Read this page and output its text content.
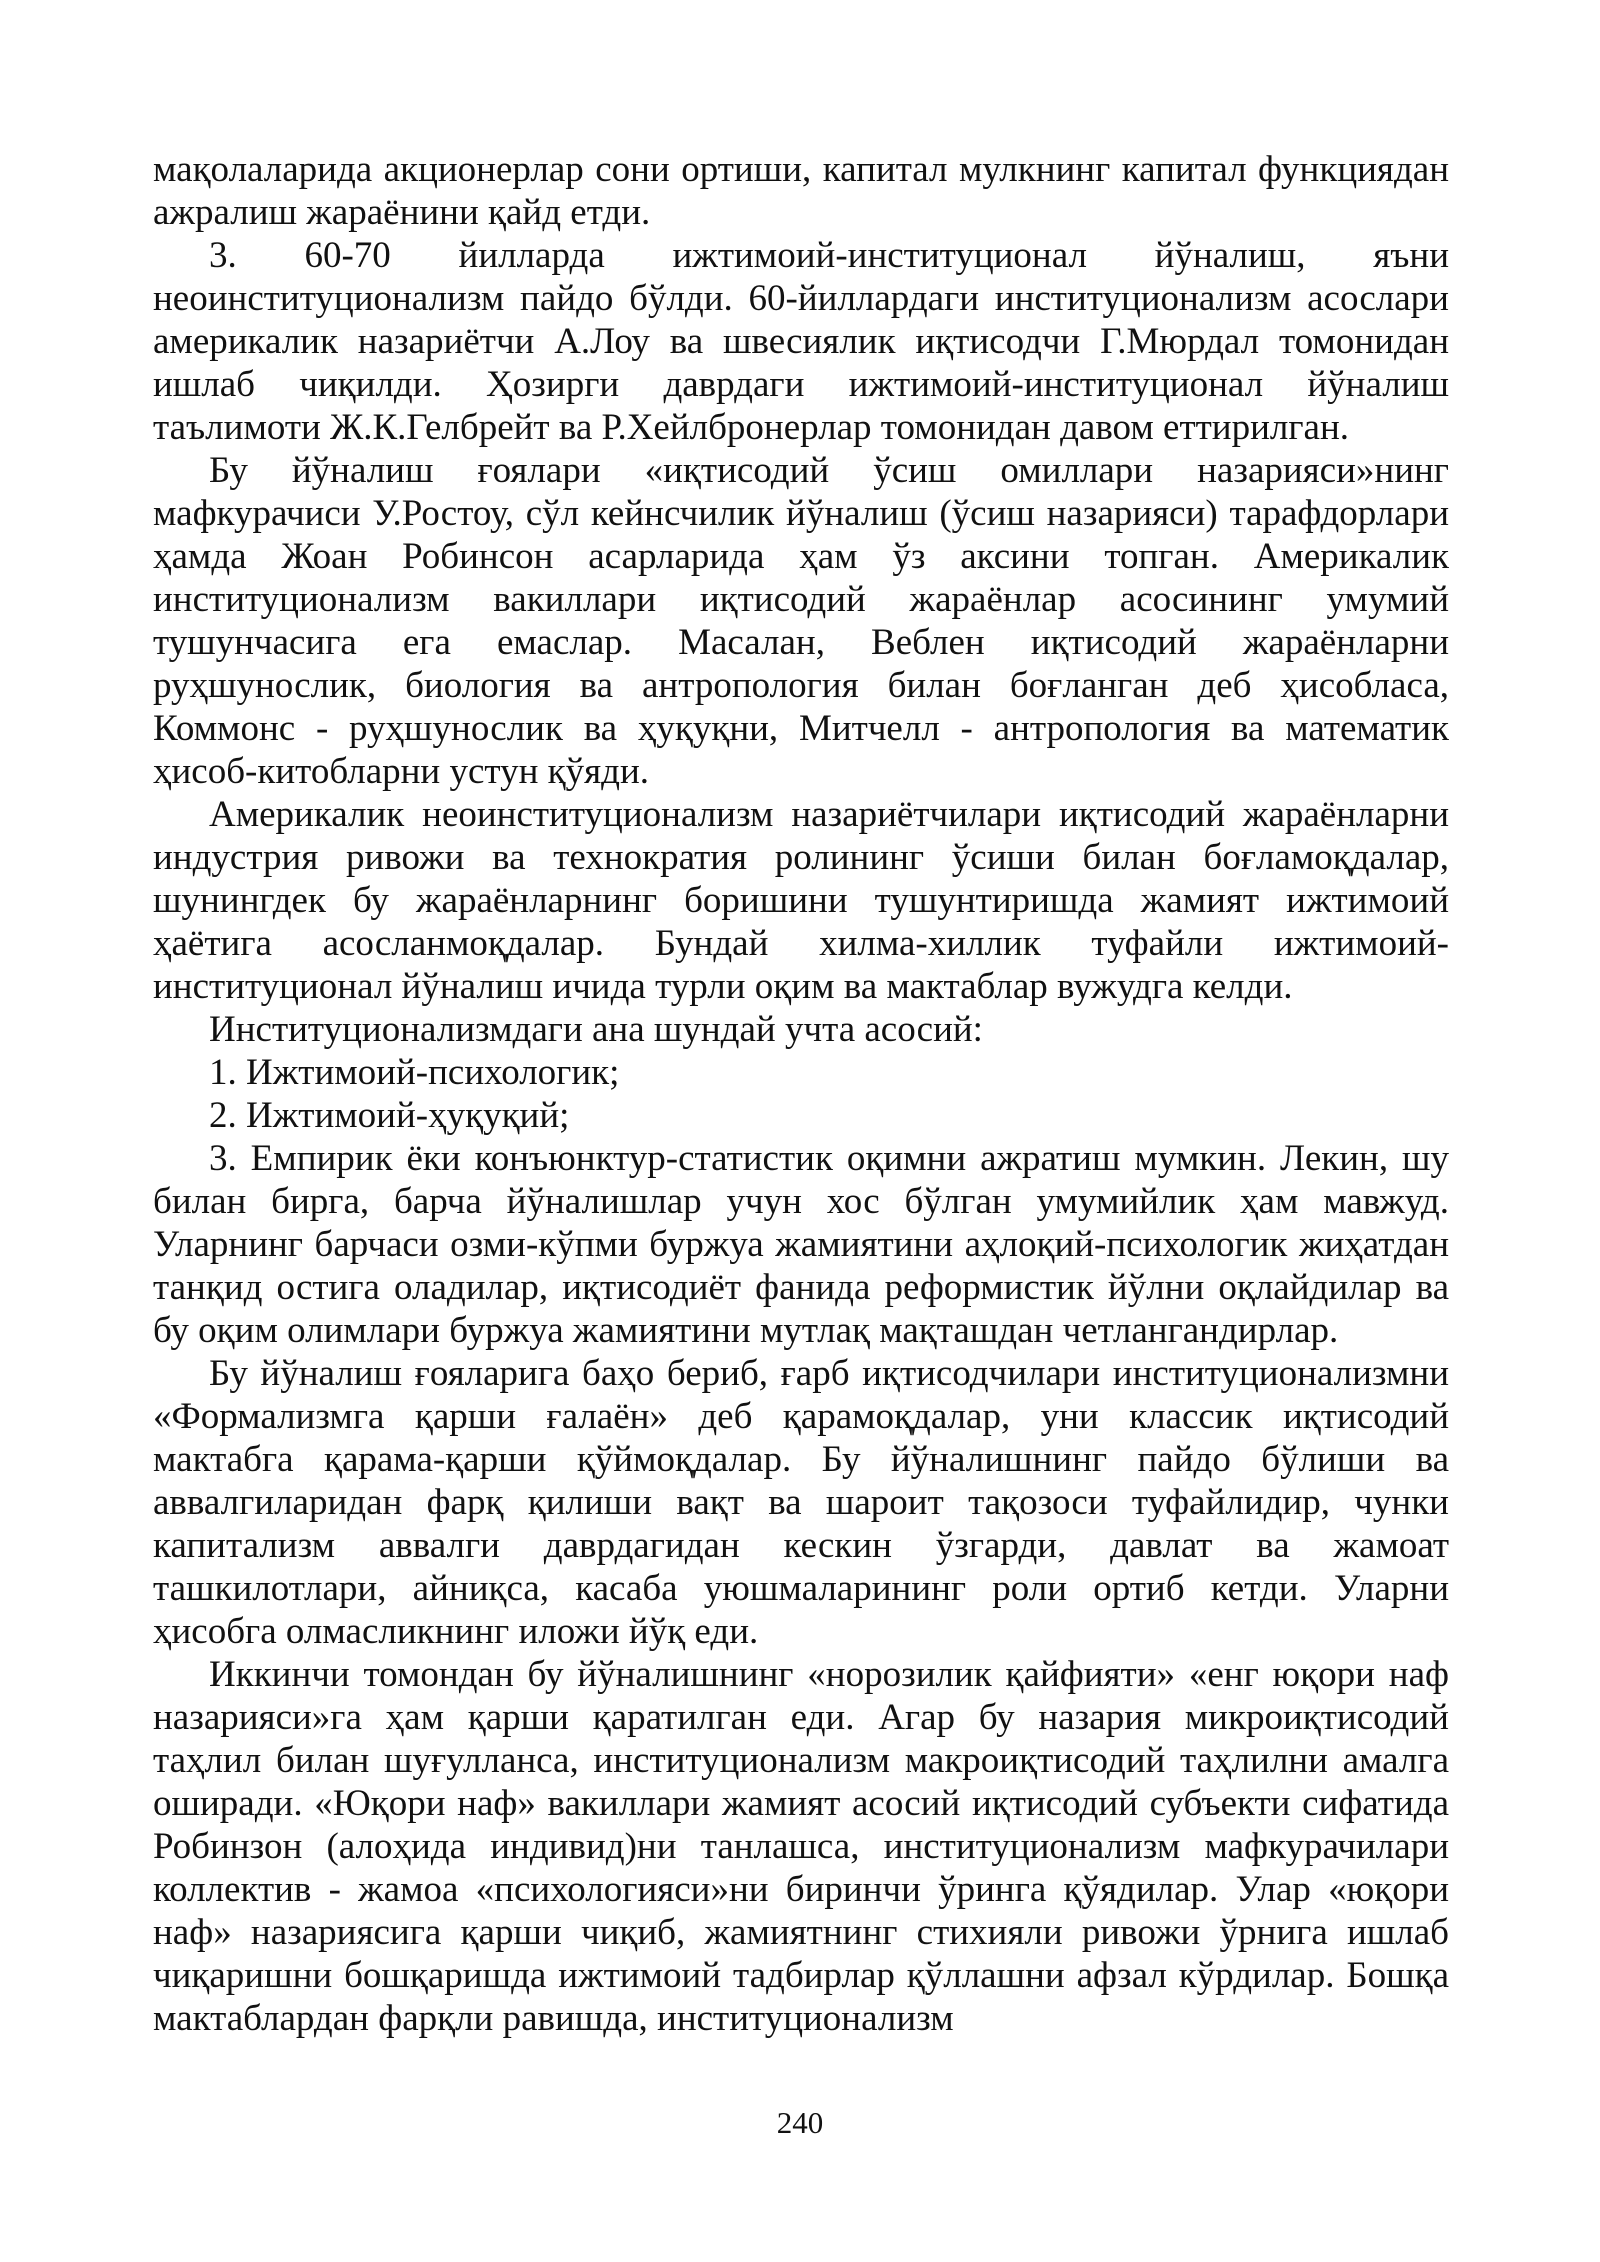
мақолаларида акционерлар сони ортиши, капитал мулкнинг капитал функциядан ажралиш жараёнини қайд етди.

3. 60-70 йилларда ижтимоий-институционал йўналиш, яъни неоинституционализм пайдо бўлди. 60-йиллардаги институционализм асослари америкалик назариётчи А.Лоу ва швесиялик иқтисодчи Г.Мюрдал томонидан ишлаб чиқилди. Ҳозирги даврдаги ижтимоий-институционал йўналиш таълимоти Ж.К.Гелбрейт ва Р.Хейлбронерлар томонидан давом еттирилган.

Бу йўналиш ғоялари «иқтисодий ўсиш омиллари назарияси»нинг мафкурачиси У.Ростоу, сўл кейнсчилик йўналиш (ўсиш назарияси) тарафдорлари ҳамда Жоан Робинсон асарларида ҳам ўз аксини топган. Америкалик институционализм вакиллари иқтисодий жараёнлар асосининг умумий тушунчасига ега емаслар. Масалан, Веблен иқтисодий жараёнларни руҳшунослик, биология ва антропология билан боғланган деб ҳисобласа, Коммонс - руҳшунослик ва ҳуқуқни, Митчелл - антропология ва математик ҳисоб-китобларни устун қўяди.

Америкалик неоинституционализм назариётчилари иқтисодий жараёнларни индустрия ривожи ва технократия ролининг ўсиши билан боғламоқдалар, шунингдек бу жараёнларнинг боришини тушунтиришда жамият ижтимоий ҳаётига асосланмоқдалар. Бундай хилма-хиллик туфайли ижтимоий-институционал йўналиш ичида турли оқим ва мактаблар вужудга келди.

Институционализмдаги ана шундай учта асосий:

1. Ижтимоий-психологик;

2. Ижтимоий-ҳуқуқий;

3. Емпирик ёки конъюнктур-статистик оқимни ажратиш мумкин. Лекин, шу билан бирга, барча йўналишлар учун хос бўлган умумийлик ҳам мавжуд. Уларнинг барчаси озми-кўпми буржуа жамиятини аҳлоқий-психологик жиҳатдан танқид остига оладилар, иқтисодиёт фанида реформистик йўлни оқлайдилар ва бу оқим олимлари буржуа жамиятини мутлақ мақташдан четлангандирлар.

Бу йўналиш ғояларига баҳо бериб, ғарб иқтисодчилари институционализмни «Формализмга қарши ғалаён» деб қарамоқдалар, уни классик иқтисодий мактабга қарама-қарши қўймоқдалар. Бу йўналишнинг пайдо бўлиши ва аввалгиларидан фарқ қилиши вақт ва шароит тақозоси туфайлидир, чунки капитализм аввалги даврдагидан кескин ўзгарди, давлат ва жамоат ташкилотлари, айниқса, касаба уюшмаларининг роли ортиб кетди. Уларни ҳисобга олмасликнинг иложи йўқ еди.

Иккинчи томондан бу йўналишнинг «норозилик қайфияти» «енг юқори наф назарияси»га ҳам қарши қаратилган еди. Агар бу назария микроиқтисодий таҳлил билан шуғулланса, институционализм макроиқтисодий таҳлилни амалга оширади. «Юқори наф» вакиллари жамият асосий иқтисодий субъекти сифатида Робинзон (алоҳида индивид)ни танлашса, институционализм мафкурачилари коллектив - жамоа «психологияси»ни биринчи ўринга қўядилар. Улар «юқори наф» назариясига қарши чиқиб, жамиятнинг стихияли ривожи ўрнига ишлаб чиқаришни бошқаришда ижтимоий тадбирлар қўллашни афзал кўрдилар. Бошқа мактаблардан фарқли равишда, институционализм

240
